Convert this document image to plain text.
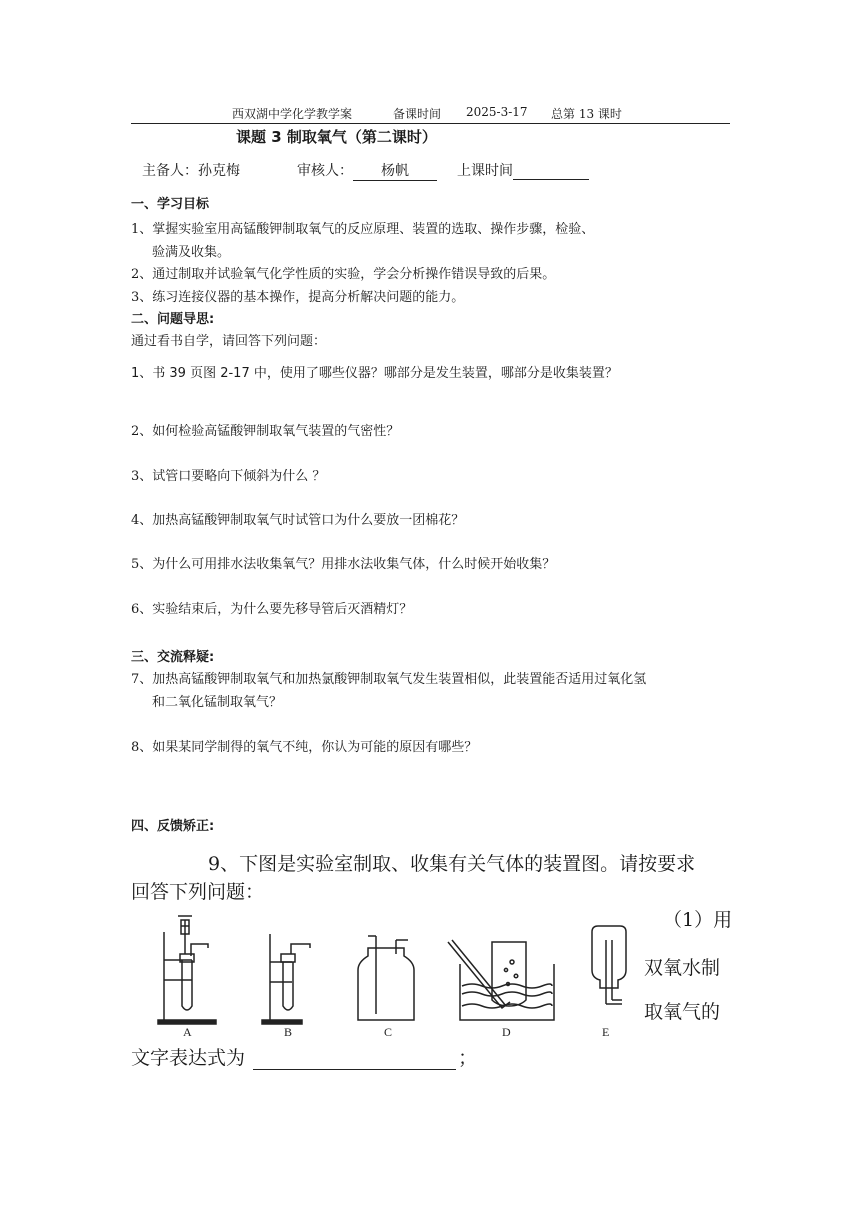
西双湖中学化学教学案	备课时间 2025-3-17 总第 13 课时
课题 3 制取氧气（第二课时）
主备人：孙克梅	审核人： 杨帆	上课时间
一、学习目标
1、掌握实验室用高锰酸钾制取氧气的反应原理、装置的选取、操作步骤，检验、
验满及收集。
2、通过制取并试验氧气化学性质的实验，学会分析操作错误导致的后果。
3、练习连接仪器的基本操作，提高分析解决问题的能力。
二、问题导思:
通过看书自学，请回答下列问题：
1、书 39 页图 2-17 中，使用了哪些仪器？哪部分是发生装置，哪部分是收集装置？
2、如何检验高锰酸钾制取氧气装置的气密性？
3、试管口要略向下倾斜为什么 ？
4、加热高锰酸钾制取氧气时试管口为什么要放一团棉花？
5、为什么可用排水法收集氧气？用排水法收集气体，什么时候开始收集？
6、实验结束后，为什么要先移导管后灭酒精灯？
三、交流释疑:
7、加热高锰酸钾制取氧气和加热氯酸钾制取氧气发生装置相似，此装置能否适用过氧化氢
和二氧化锰制取氧气？
8、如果某同学制得的氧气不纯，你认为可能的原因有哪些？
四、反馈矫正:
9、下图是实验室制取、收集有关气体的装置图。请按要求
回答下列问题：
（1）用
双氧水制
取氧气的
文字表达式为	；
A	B	C	D	E
